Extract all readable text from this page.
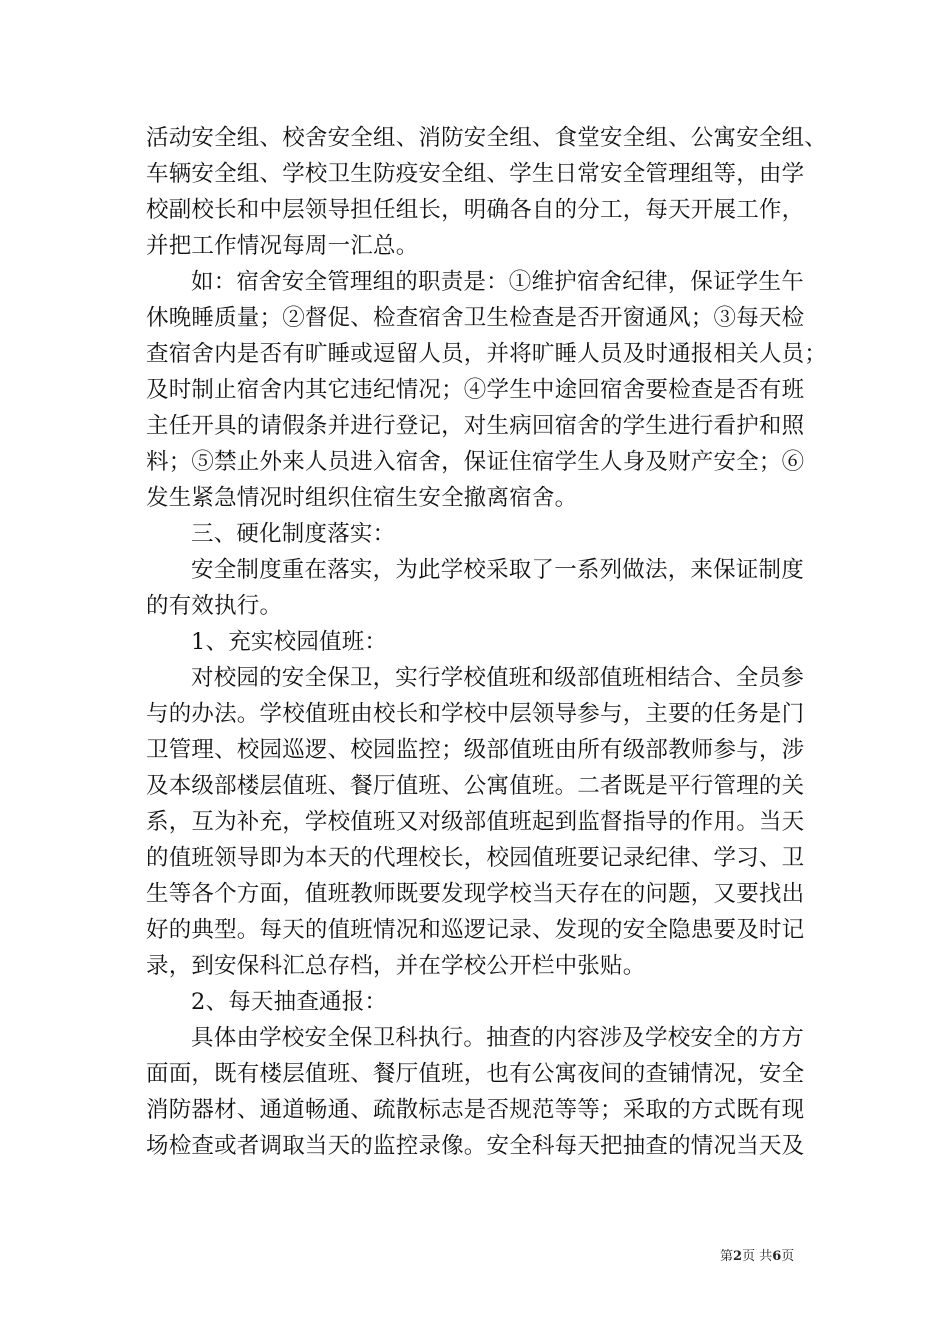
活动安全组、校舍安全组、消防安全组、食堂安全组、公寓安全组、
车辆安全组、学校卫生防疫安全组、学生日常安全管理组等，由学
校副校长和中层领导担任组长，明确各自的分工，每天开展工作，
并把工作情况每周一汇总。
如：宿舍安全管理组的职责是：①维护宿舍纪律，保证学生午
休晚睡质量；②督促、检查宿舍卫生检查是否开窗通风；③每天检
查宿舍内是否有旷睡或逗留人员，并将旷睡人员及时通报相关人员；
及时制止宿舍内其它违纪情况；④学生中途回宿舍要检查是否有班
主任开具的请假条并进行登记，对生病回宿舍的学生进行看护和照
料；⑤禁止外来人员进入宿舍，保证住宿学生人身及财产安全；⑥
发生紧急情况时组织住宿生安全撤离宿舍。
三、硬化制度落实：
安全制度重在落实，为此学校采取了一系列做法，来保证制度
的有效执行。
1、充实校园值班：
对校园的安全保卫，实行学校值班和级部值班相结合、全员参
与的办法。学校值班由校长和学校中层领导参与，主要的任务是门
卫管理、校园巡逻、校园监控；级部值班由所有级部教师参与，涉
及本级部楼层值班、餐厅值班、公寓值班。二者既是平行管理的关
系，互为补充，学校值班又对级部值班起到监督指导的作用。当天
的值班领导即为本天的代理校长，校园值班要记录纪律、学习、卫
生等各个方面，值班教师既要发现学校当天存在的问题，又要找出
好的典型。每天的值班情况和巡逻记录、发现的安全隐患要及时记
录，到安保科汇总存档，并在学校公开栏中张贴。
2、每天抽查通报：
具体由学校安全保卫科执行。抽查的内容涉及学校安全的方方
面面，既有楼层值班、餐厅值班，也有公寓夜间的查铺情况，安全
消防器材、通道畅通、疏散标志是否规范等等；采取的方式既有现
场检查或者调取当天的监控录像。安全科每天把抽查的情况当天及
第2页 共6页
